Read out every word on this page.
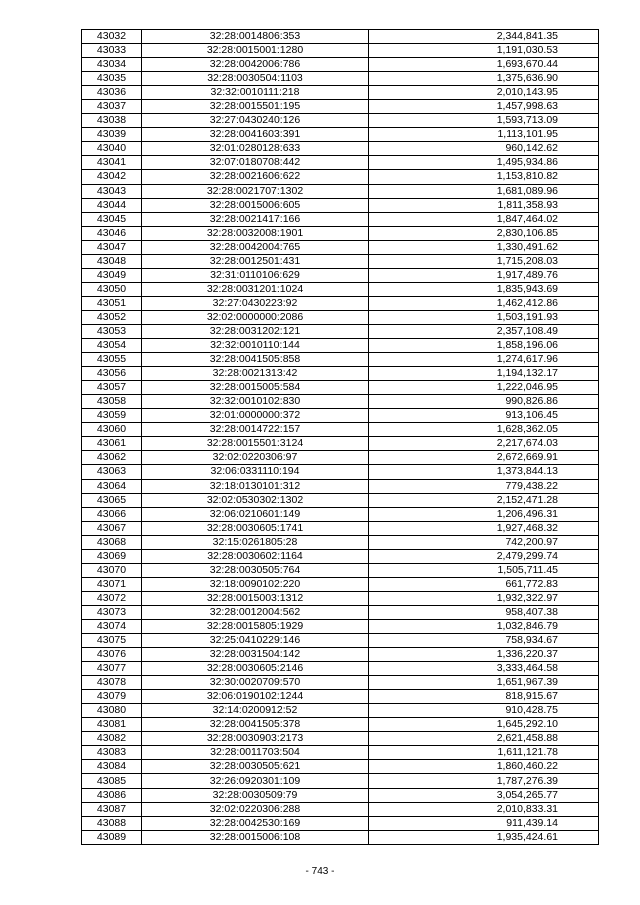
43032	32:28:0014806:353	2,344,841.35
43033	32:28:0015001:1280	1,191,030.53
43034	32:28:0042006:786	1,693,670.44
43035	32:28:0030504:1103	1,375,636.90
43036	32:32:0010111:218	2,010,143.95
43037	32:28:0015501:195	1,457,998.63
43038	32:27:0430240:126	1,593,713.09
43039	32:28:0041603:391	1,113,101.95
43040	32:01:0280128:633	960,142.62
43041	32:07:0180708:442	1,495,934.86
43042	32:28:0021606:622	1,153,810.82
43043	32:28:0021707:1302	1,681,089.96
43044	32:28:0015006:605	1,811,358.93
43045	32:28:0021417:166	1,847,464.02
43046	32:28:0032008:1901	2,830,106.85
43047	32:28:0042004:765	1,330,491.62
43048	32:28:0012501:431	1,715,208.03
43049	32:31:0110106:629	1,917,489.76
43050	32:28:0031201:1024	1,835,943.69
43051	32:27:0430223:92	1,462,412.86
43052	32:02:0000000:2086	1,503,191.93
43053	32:28:0031202:121	2,357,108.49
43054	32:32:0010110:144	1,858,196.06
43055	32:28:0041505:858	1,274,617.96
43056	32:28:0021313:42	1,194,132.17
43057	32:28:0015005:584	1,222,046.95
43058	32:32:0010102:830	990,826.86
43059	32:01:0000000:372	913,106.45
43060	32:28:0014722:157	1,628,362.05
43061	32:28:0015501:3124	2,217,674.03
43062	32:02:0220306:97	2,672,669.91
43063	32:06:0331110:194	1,373,844.13
43064	32:18:0130101:312	779,438.22
43065	32:02:0530302:1302	2,152,471.28
43066	32:06:0210601:149	1,206,496.31
43067	32:28:0030605:1741	1,927,468.32
43068	32:15:0261805:28	742,200.97
43069	32:28:0030602:1164	2,479,299.74
43070	32:28:0030505:764	1,505,711.45
43071	32:18:0090102:220	661,772.83
43072	32:28:0015003:1312	1,932,322.97
43073	32:28:0012004:562	958,407.38
43074	32:28:0015805:1929	1,032,846.79
43075	32:25:0410229:146	758,934.67
43076	32:28:0031504:142	1,336,220.37
43077	32:28:0030605:2146	3,333,464.58
43078	32:30:0020709:570	1,651,967.39
43079	32:06:0190102:1244	818,915.67
43080	32:14:0200912:52	910,428.75
43081	32:28:0041505:378	1,645,292.10
43082	32:28:0030903:2173	2,621,458.88
43083	32:28:0011703:504	1,611,121.78
43084	32:28:0030505:621	1,860,460.22
43085	32:26:0920301:109	1,787,276.39
43086	32:28:0030509:79	3,054,265.77
43087	32:02:0220306:288	2,010,833.31
43088	32:28:0042530:169	911,439.14
43089	32:28:0015006:108	1,935,424.61
- 743 -
